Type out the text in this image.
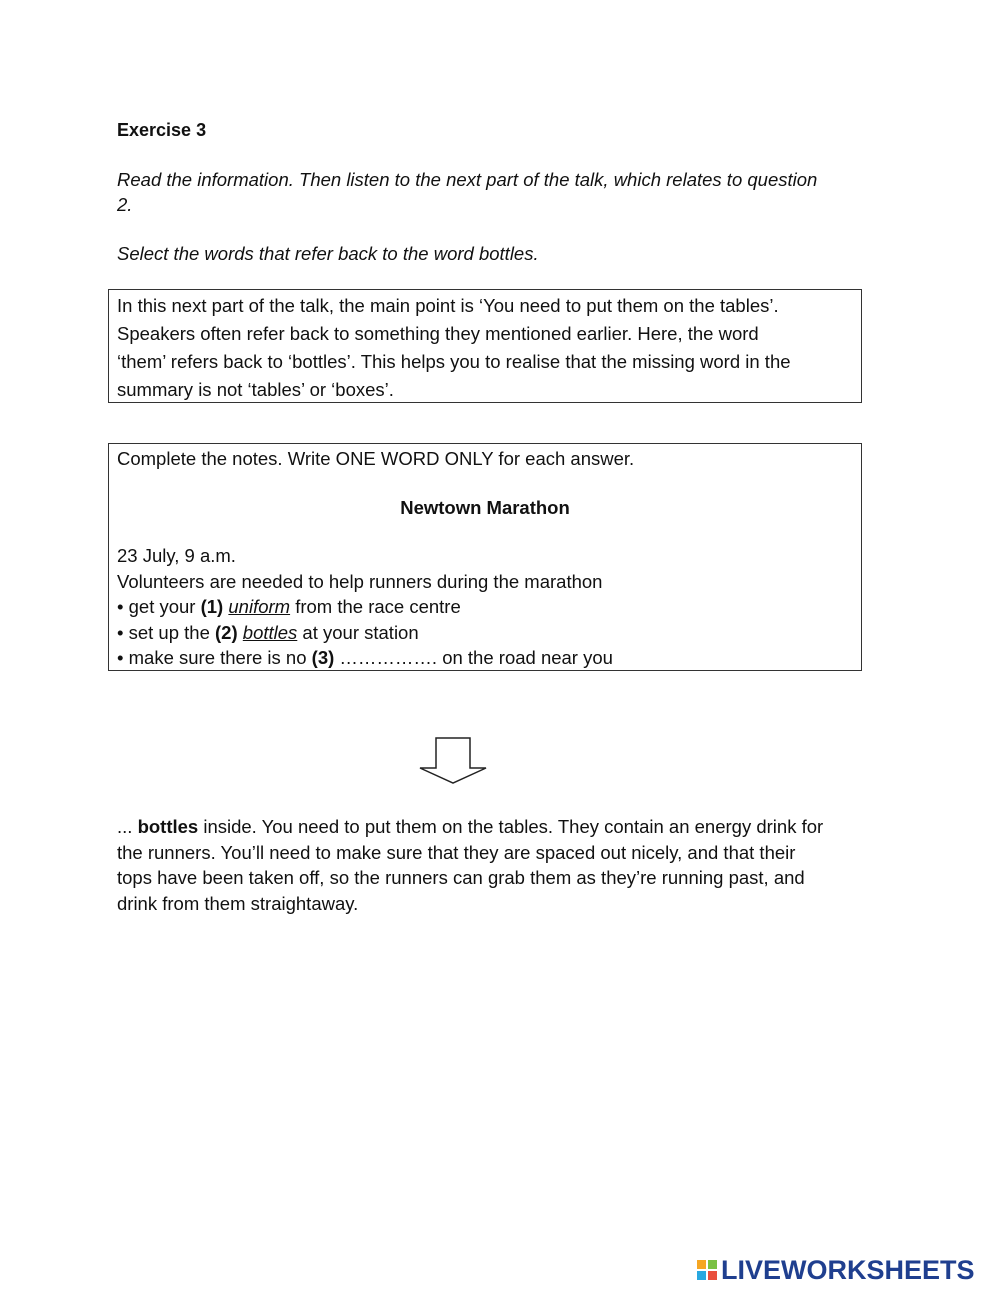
Exercise 3
Read the information. Then listen to the next part of the talk, which relates to question
2.
Select the words that refer back to the word bottles.

In this next part of the talk, the main point is ‘You need to put them on the tables’.

Speakers often refer back to something they mentioned earlier. Here, the word

‘them’ refers back to ‘bottles’. This helps you to realise that the missing word in the

summary is not ‘tables’ or ‘boxes’.

Complete the notes. Write ONE WORD ONLY for each answer.
Newtown Marathon
23 July, 9 a.m.
Volunteers are needed to help runners during the marathon
• get your (1) uniform from the race centre
• set up the (2) bottles at your station
• make sure there is no (3) ……………. on the road near you

... bottles inside. You need to put them on the tables. They contain an energy drink for

the runners. You’ll need to make sure that they are spaced out nicely, and that their

tops have been taken off, so the runners can grab them as they’re running past, and

drink from them straightaway.

LIVEWORKSHEETS
